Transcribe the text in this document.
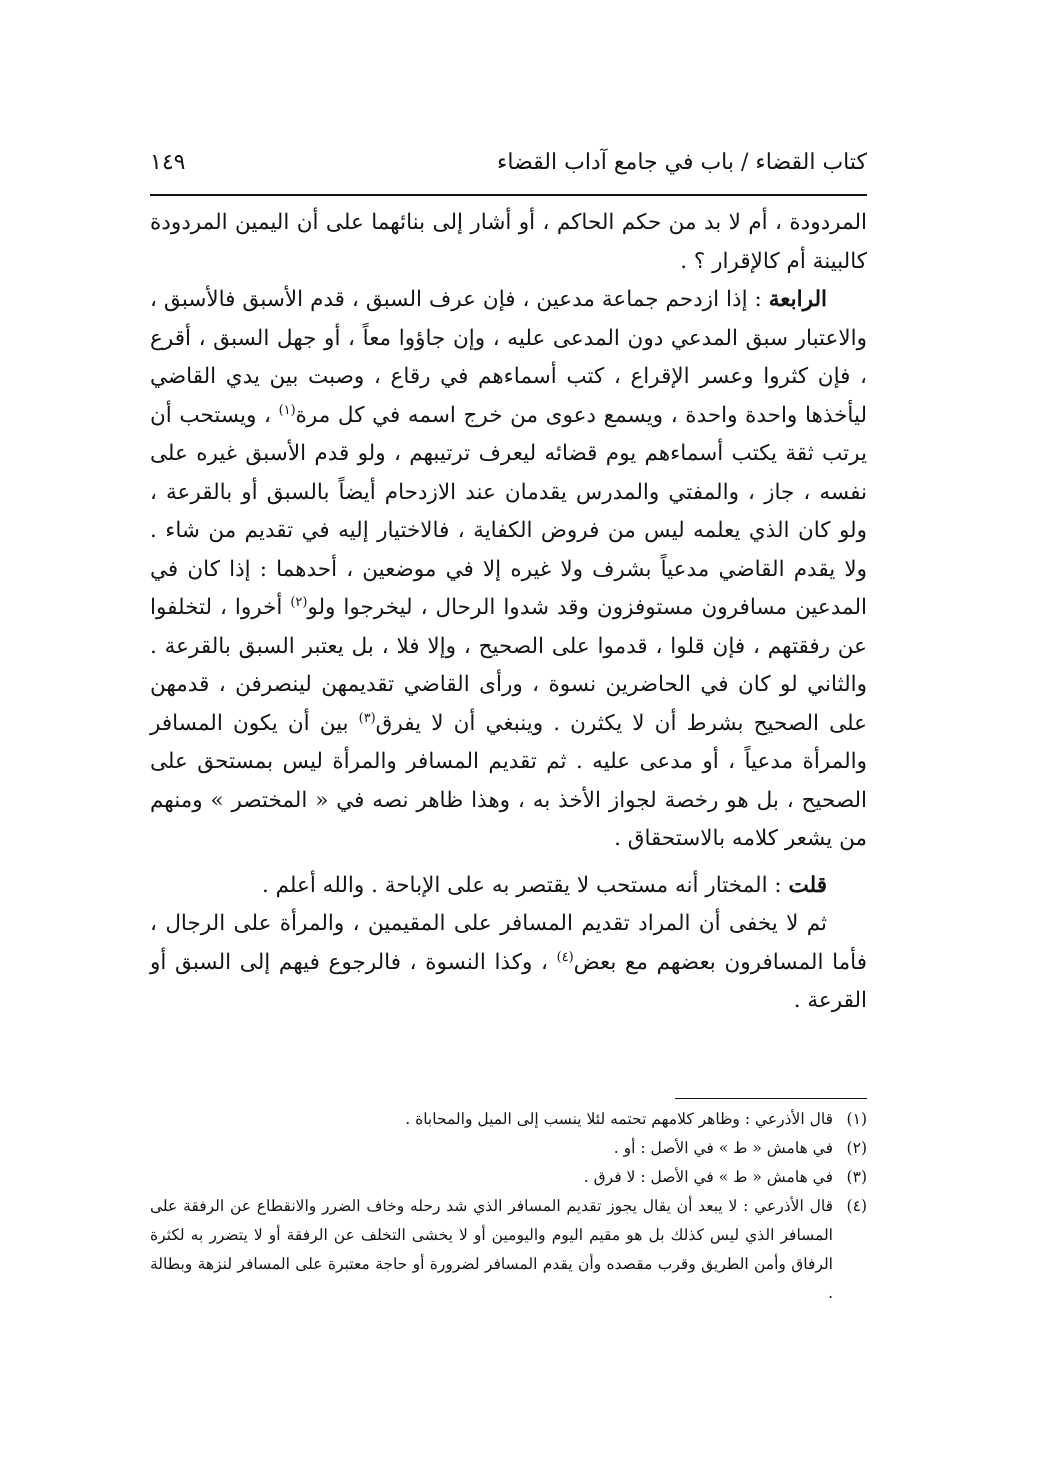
كتاب القضاء / باب في جامع آداب القضاء
١٤٩

المردودة ، أم لا بد من حكم الحاكم ، أو أشار إلى بنائهما على أن اليمين المردودة كالبينة أم كالإقرار ؟ .

الرابعة : إذا ازدحم جماعة مدعين ، فإن عرف السبق ، قدم الأسبق فالأسبق ، والاعتبار سبق المدعي دون المدعى عليه ، وإن جاؤوا معاً ، أو جهل السبق ، أقرع ، فإن كثروا وعسر الإقراع ، كتب أسماءهم في رقاع ، وصبت بين يدي القاضي ليأخذها واحدة واحدة ، ويسمع دعوى من خرج اسمه في كل مرة$^{(١)}$ ، ويستحب أن يرتب ثقة يكتب أسماءهم يوم قضائه ليعرف ترتيبهم ، ولو قدم الأسبق غيره على نفسه ، جاز ، والمفتي والمدرس يقدمان عند الازدحام أيضاً بالسبق أو بالقرعة ، ولو كان الذي يعلمه ليس من فروض الكفاية ، فالاختيار إليه في تقديم من شاء . ولا يقدم القاضي مدعياً بشرف ولا غيره إلا في موضعين ، أحدهما : إذا كان في المدعين مسافرون مستوفزون وقد شدوا الرحال ، ليخرجوا ولو$^{(٢)}$ أخروا ، لتخلفوا عن رفقتهم ، فإن قلوا ، قدموا على الصحيح ، وإلا فلا ، بل يعتبر السبق بالقرعة . والثاني لو كان في الحاضرين نسوة ، ورأى القاضي تقديمهن لينصرفن ، قدمهن على الصحيح بشرط أن لا يكثرن . وينبغي أن لا يفرق$^{(٣)}$ بين أن يكون المسافر والمرأة مدعياً ، أو مدعى عليه . ثم تقديم المسافر والمرأة ليس بمستحق على الصحيح ، بل هو رخصة لجواز الأخذ به ، وهذا ظاهر نصه في « المختصر » ومنهم من يشعر كلامه بالاستحقاق .

قلت : المختار أنه مستحب لا يقتصر به على الإباحة . والله أعلم .

ثم لا يخفى أن المراد تقديم المسافر على المقيمين ، والمرأة على الرجال ، فأما المسافرون بعضهم مع بعض$^{(٤)}$ ، وكذا النسوة ، فالرجوع فيهم إلى السبق أو القرعة .

(١)
قال الأذرعي : وظاهر كلامهم تحتمه لئلا ينسب إلى الميل والمحاباة .
(٢)
في هامش « ط » في الأصل : أو .
(٣)
في هامش « ط » في الأصل : لا فرق .
(٤)
قال الأذرعي : لا يبعد أن يقال يجوز تقديم المسافر الذي شد رحله وخاف الضرر والانقطاع عن الرفقة على المسافر الذي ليس كذلك بل هو مقيم اليوم واليومين أو لا يخشى التخلف عن الرفقة أو لا يتضرر به لكثرة الرفاق وأمن الطريق وقرب مقصده وأن يقدم المسافر لضرورة أو حاجة معتبرة على المسافر لنزهة وبطالة .
